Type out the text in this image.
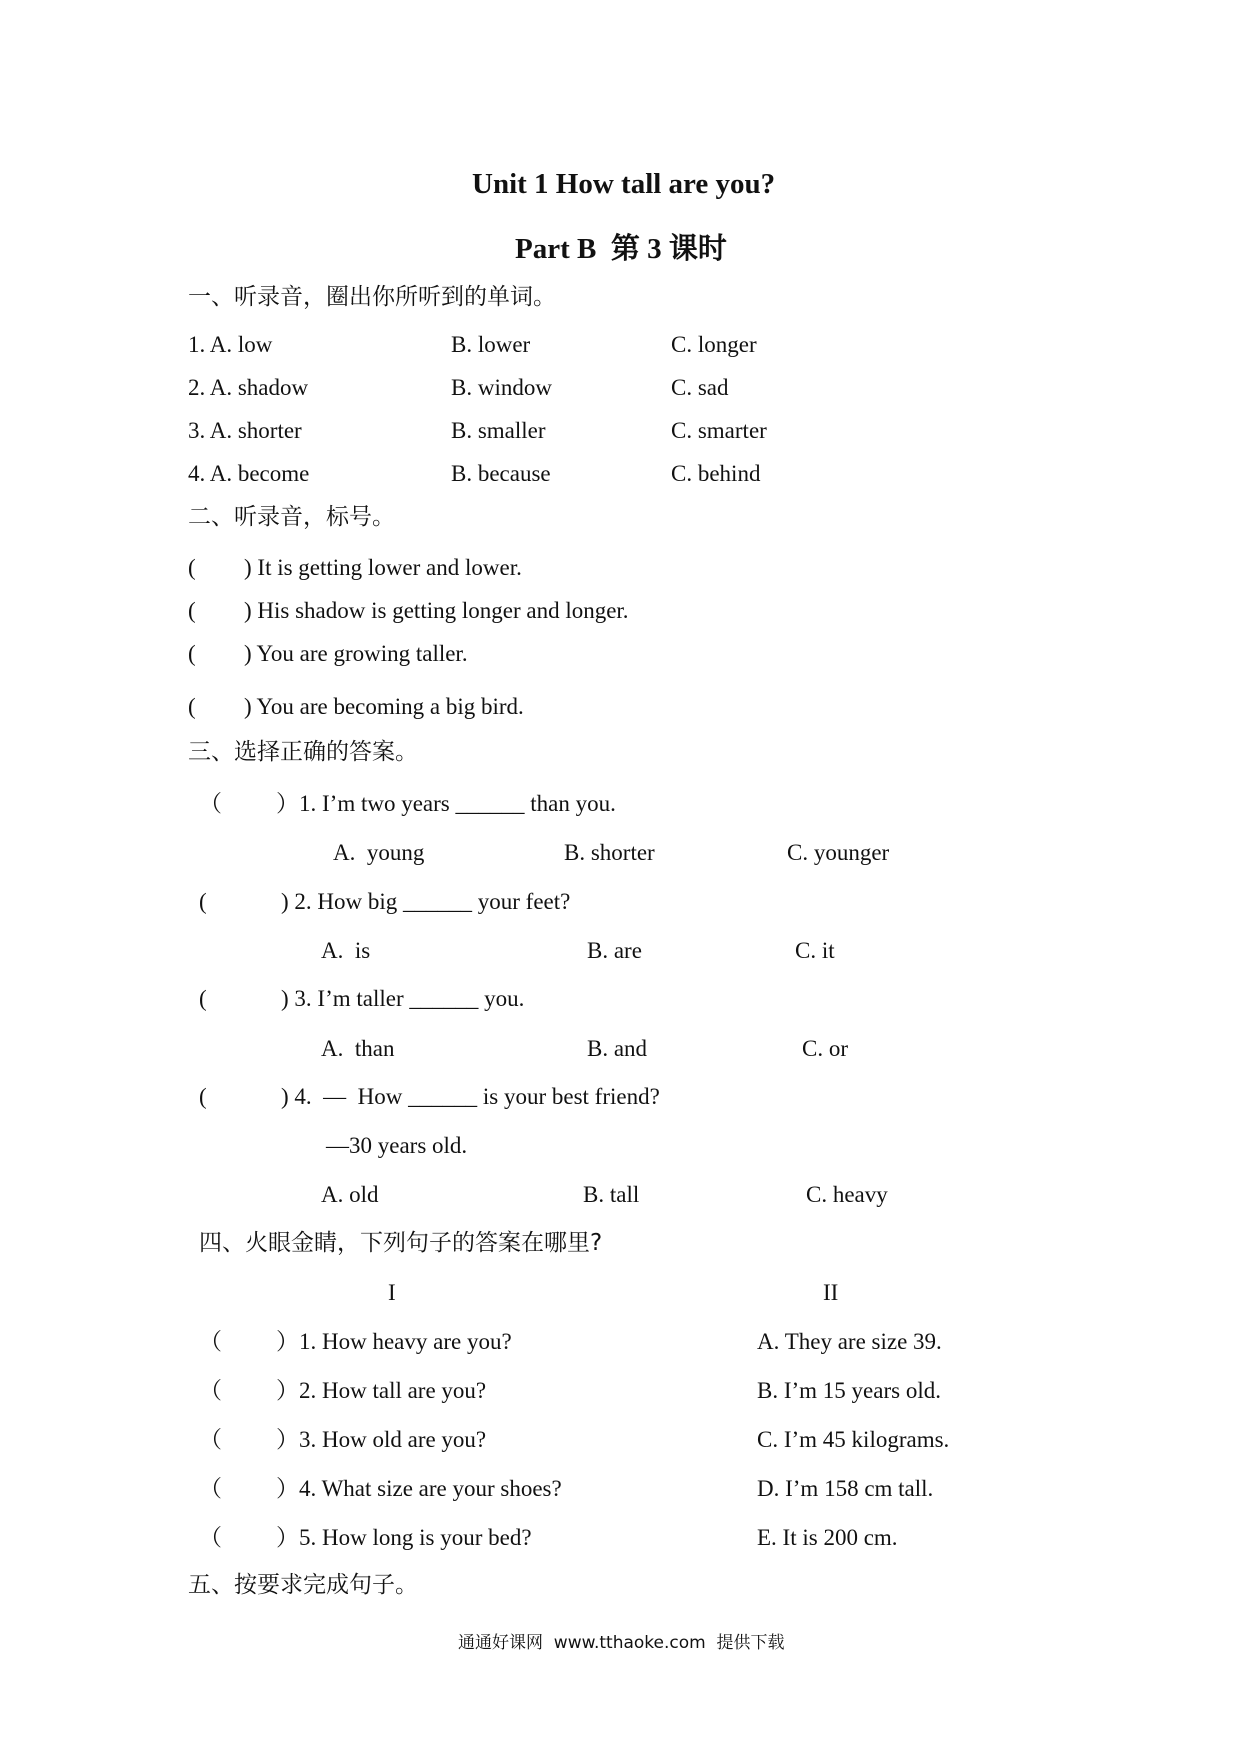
Unit 1 How tall are you?
Part B  第 3 课时
一、听录音，圈出你所听到的单词。
1. A. low	B. lower	C. longer
2. A. shadow	B. window	C. sad
3. A. shorter	B. smaller	C. smarter
4. A. become	B. because	C. behind
二、听录音，标号。
( ) It is getting lower and lower.
( ) His shadow is getting longer and longer.
( ) You are growing taller.
( ) You are becoming a big bird.
三、选择正确的答案。
（ ）1. I’m two years ______ than you.
A.  young	B. shorter	C. younger
(	) 2. How big ______ your feet?
A.  is	B. are	C. it
(	) 3. I’m taller ______ you.
A.  than	B. and	C. or
(	) 4.  —  How ______ is your best friend?
—30 years old.
A. old	B. tall	C. heavy
四、火眼金睛，下列句子的答案在哪里?
I	II
（ ）1. How heavy are you?	A. They are size 39.
（ ）2. How tall are you?	B. I’m 15 years old.
（ ）3. How old are you?	C. I’m 45 kilograms.
（ ）4. What size are your shoes?	D. I’m 158 cm tall.
（ ）5. How long is your bed?	E. It is 200 cm.
五、按要求完成句子。
通通好课网  www.tthaoke.com  提供下载
